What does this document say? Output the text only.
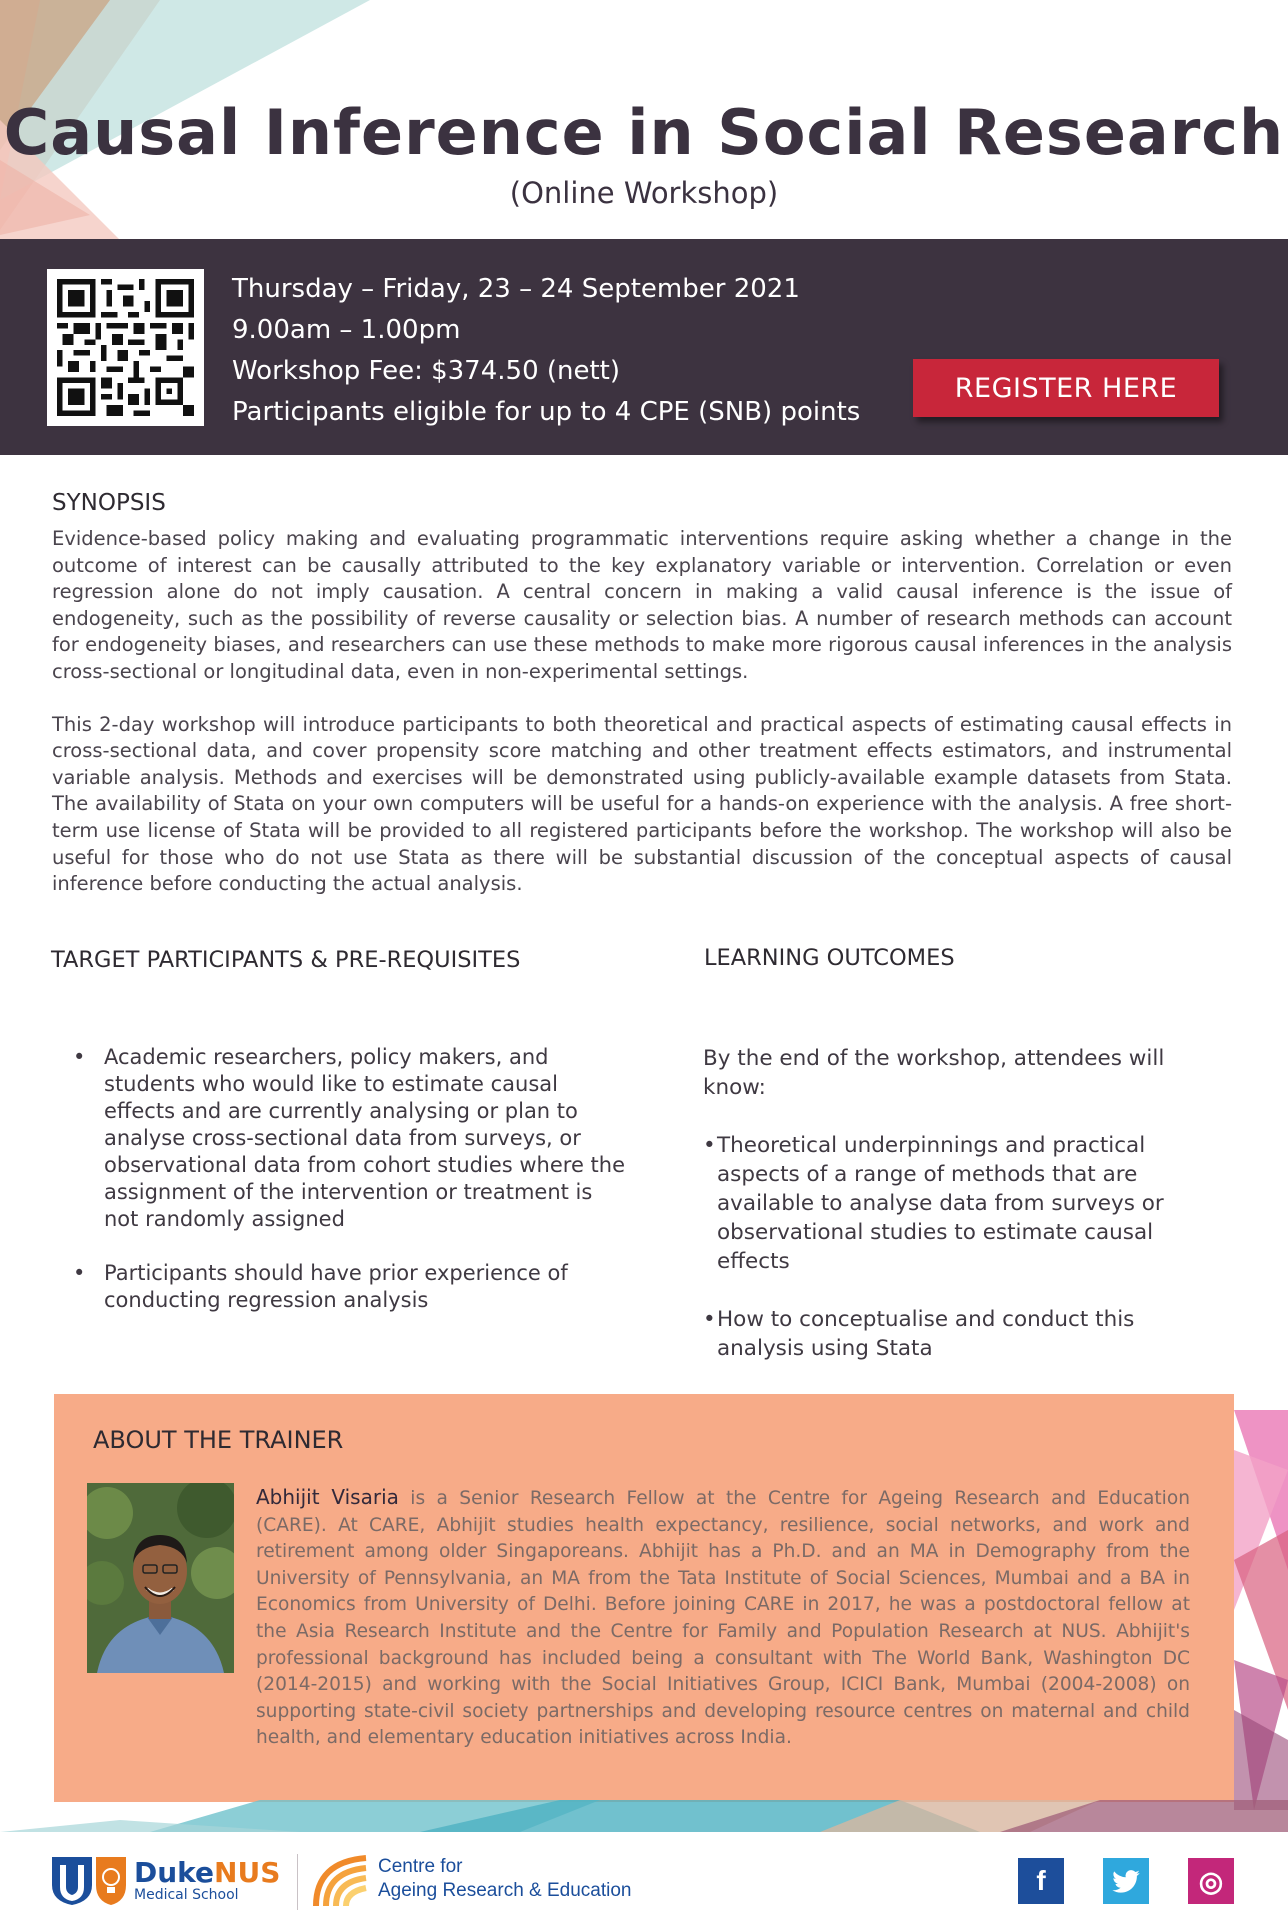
Causal Inference in Social Research
(Online Workshop)
Thursday – Friday, 23 – 24 September 2021
9.00am – 1.00pm
Workshop Fee: $374.50 (nett)
Participants eligible for up to 4 CPE (SNB) points
REGISTER HERE
SYNOPSIS

Evidence-based policy making and evaluating programmatic interventions require asking whether a change in the outcome of interest can be causally attributed to the key explanatory variable or intervention. Correlation or even regression alone do not imply causation. A central concern in making a valid causal inference is the issue of endogeneity, such as the possibility of reverse causality or selection bias. A number of research methods can account for endogeneity biases, and researchers can use these methods to make more rigorous causal inferences in the analysis cross-sectional or longitudinal data, even in non-experimental settings.

This 2-day workshop will introduce participants to both theoretical and practical aspects of estimating causal effects in cross-sectional data, and cover propensity score matching and other treatment effects estimators, and instrumental variable analysis. Methods and exercises will be demonstrated using publicly-available example datasets from Stata. The availability of Stata on your own computers will be useful for a hands-on experience with the analysis. A free short-term use license of Stata will be provided to all registered participants before the workshop. The workshop will also be useful for those who do not use Stata as there will be substantial discussion of the conceptual aspects of causal inference before conducting the actual analysis.

TARGET PARTICIPANTS & PRE-REQUISITES	LEARNING OUTCOMES
• Academic researchers, policy makers, and students who would like to estimate causal effects and are currently analysing or plan to analyse cross-sectional data from surveys, or observational data from cohort studies where the assignment of the intervention or treatment is not randomly assigned
• Participants should have prior experience of conducting regression analysis
By the end of the workshop, attendees will know:
• Theoretical underpinnings and practical aspects of a range of methods that are available to analyse data from surveys or observational studies to estimate causal effects
• How to conceptualise and conduct this analysis using Stata
ABOUT THE TRAINER
Abhijit Visaria is a Senior Research Fellow at the Centre for Ageing Research and Education (CARE). At CARE, Abhijit studies health expectancy, resilience, social networks, and work and retirement among older Singaporeans. Abhijit has a Ph.D. and an MA in Demography from the University of Pennsylvania, an MA from the Tata Institute of Social Sciences, Mumbai and a BA in Economics from University of Delhi. Before joining CARE in 2017, he was a postdoctoral fellow at the Asia Research Institute and the Centre for Family and Population Research at NUS. Abhijit's professional background has included being a consultant with The World Bank, Washington DC (2014-2015) and working with the Social Initiatives Group, ICICI Bank, Mumbai (2004-2008) on supporting state-civil society partnerships and developing resource centres on maternal and child health, and elementary education initiatives across India.
DukeNUS
Medical School
Centre for
Ageing Research & Education	f	◎
